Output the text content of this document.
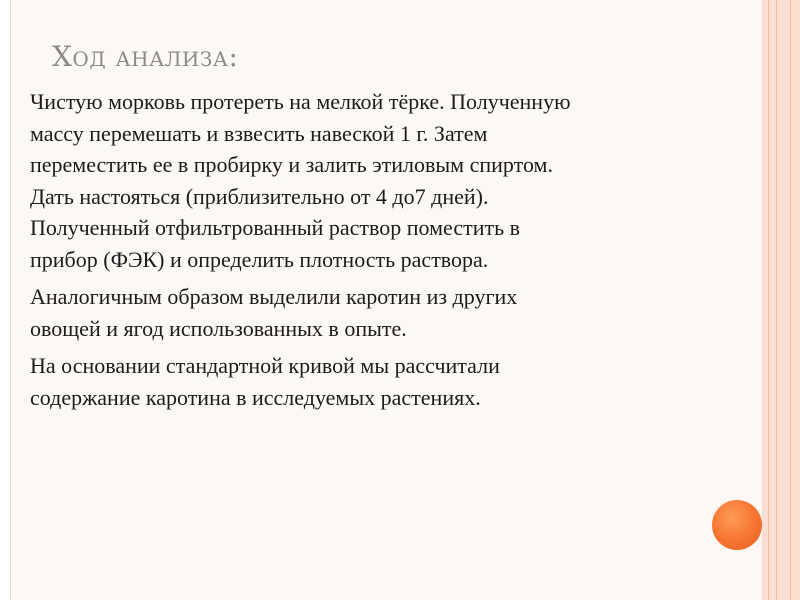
Ход анализа:

Чистую морковь протереть на мелкой тёрке. Полученную
массу перемешать и взвесить навеской 1 г. Затем
переместить ее в пробирку и залить этиловым спиртом.
Дать настояться (приблизительно от 4 до7 дней).
Полученный отфильтрованный раствор поместить в
прибор (ФЭК) и определить плотность раствора.

Аналогичным образом выделили каротин из других
овощей и ягод использованных в опыте.

На основании стандартной кривой мы рассчитали
содержание каротина в исследуемых растениях.
